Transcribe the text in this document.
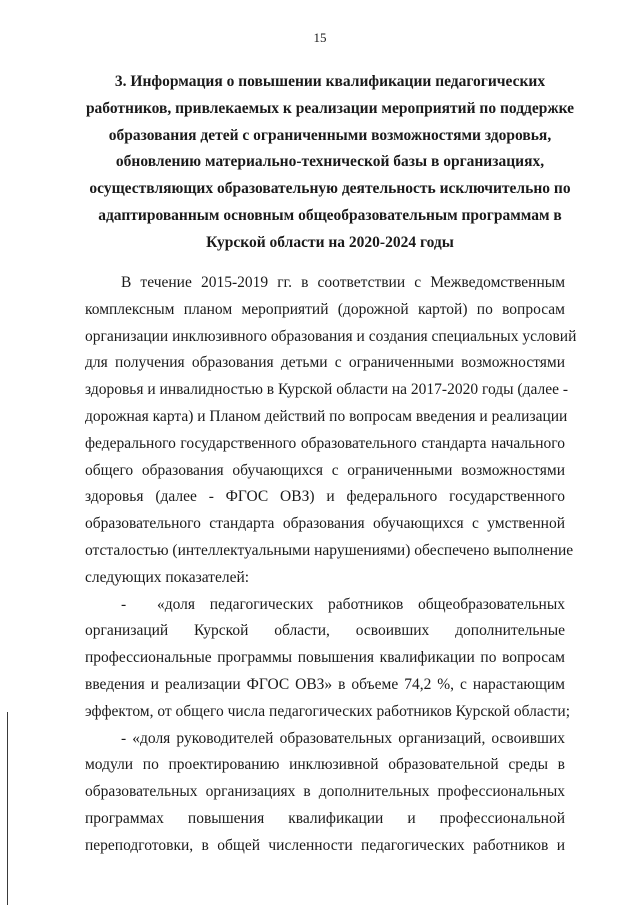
15
3. Информация о повышении квалификации педагогических
работников, привлекаемых к реализации мероприятий по поддержке
образования детей с ограниченными возможностями здоровья,
обновлению материально-технической базы в организациях,
осуществляющих образовательную деятельность исключительно по
адаптированным основным общеобразовательным программам в
Курской области на 2020-2024 годы
В течение 2015-2019 гг. в соответствии с Межведомственным
комплексным планом мероприятий (дорожной картой) по вопросам
организации инклюзивного образования и создания специальных условий
для получения образования детьми с ограниченными возможностями
здоровья и инвалидностью в Курской области на 2017-2020 годы (далее -
дорожная карта) и Планом действий по вопросам введения и реализации
федерального государственного образовательного стандарта начального
общего образования обучающихся с ограниченными возможностями
здоровья (далее - ФГОС ОВЗ) и федерального государственного
образовательного стандарта образования обучающихся с умственной
отсталостью (интеллектуальными нарушениями) обеспечено выполнение
следующих показателей:
-	«доля педагогических работников общеобразовательных
организаций Курской области, освоивших дополнительные
профессиональные программы повышения квалификации по вопросам
введения и реализации ФГОС ОВЗ» в объеме 74,2 %, с нарастающим
эффектом, от общего числа педагогических работников Курской области;
- «доля руководителей образовательных организаций, освоивших
модули по проектированию инклюзивной образовательной среды в
образовательных организациях в дополнительных профессиональных
программах повышения квалификации и профессиональной
переподготовки, в общей численности педагогических работников и
